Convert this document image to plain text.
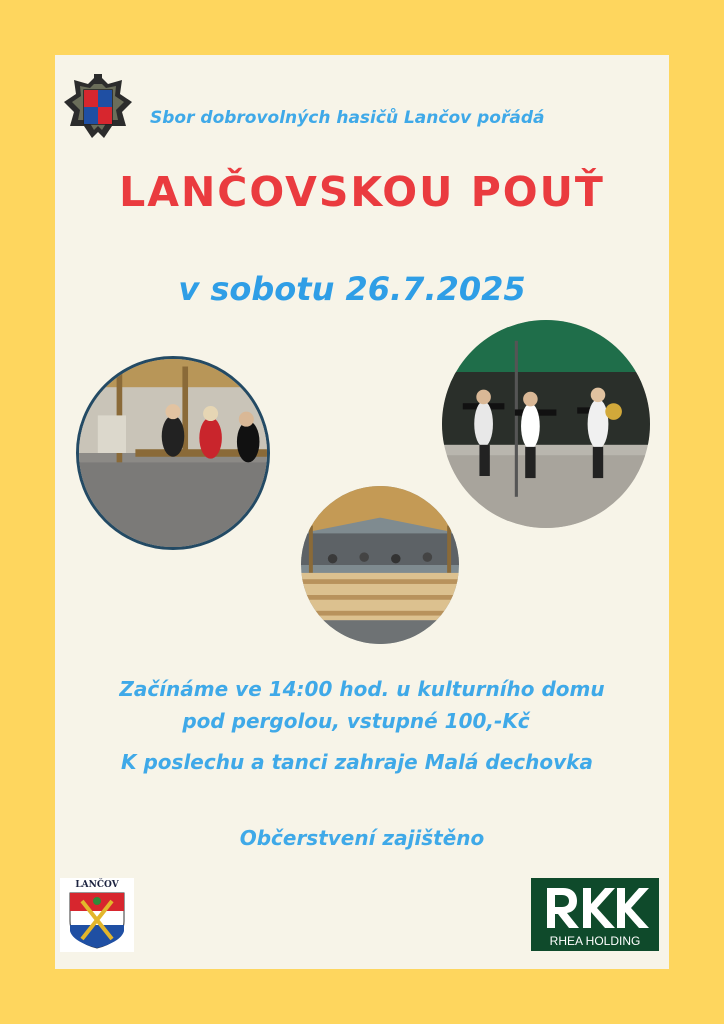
Sbor dobrovolných hasičů Lančov pořádá
LANČOVSKOU POUŤ
v sobotu 26.7.2025
Začínáme ve 14:00 hod. u kulturního domu
pod pergolou, vstupné 100,-Kč
K poslechu a tanci zahraje Malá dechovka
Občerstvení zajištěno
LANČOV
RHEA HOLDING
